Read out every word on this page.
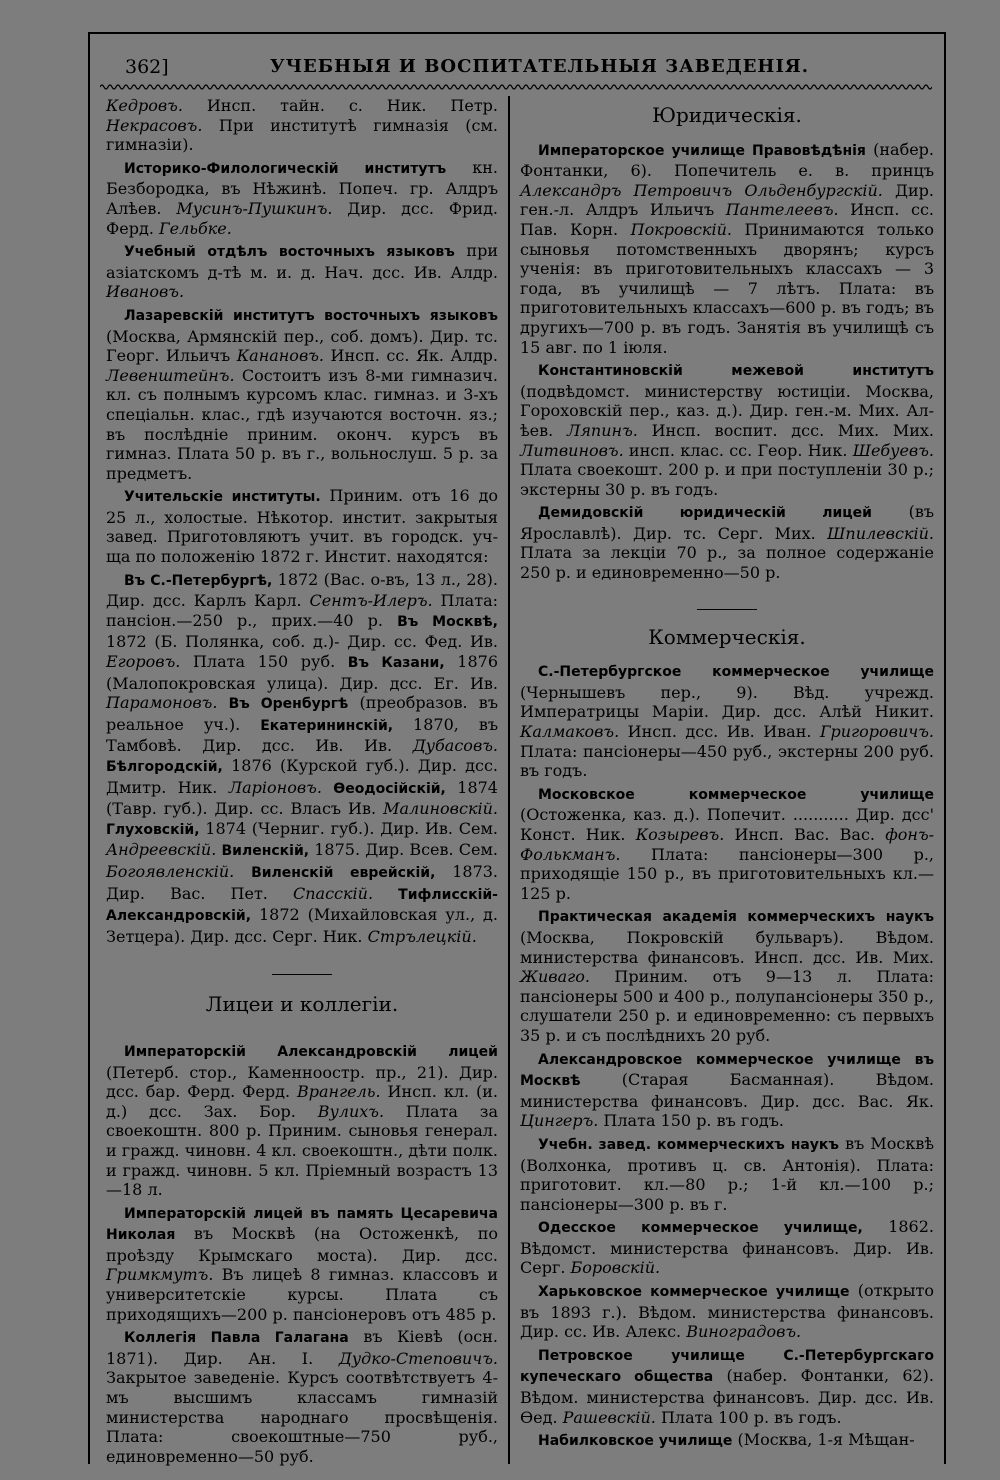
362]	УЧЕБНЫЯ И ВОСПИТАТЕЛЬНЫЯ ЗАВЕДЕНІЯ.

Кедровъ. Инсп. тайн. с. Ник. Петр. Некрасовъ. При институтѣ гимназія (см. гимназіи).

Историко-Филологическій институтъ кн. Безбородка, въ Нѣжинѣ. Попеч. гр. Алдръ Алѣев. Мусинъ-Пушкинъ. Дир. дсс. Фрид. Ферд. Гельбке.

Учебный отдѣлъ восточныхъ языковъ при азіатскомъ д-тѣ м. и. д. Нач. дсс. Ив. Алдр. Ивановъ.

Лазаревскій институтъ восточныхъ языковъ (Москва, Армянскій пер., соб. домъ). Дир. тс. Георг. Ильичъ Канановъ. Инсп. сс. Як. Алдр. Левенштейнъ. Состоитъ изъ 8-ми гимназич. кл. съ полнымъ курсомъ клас. гимназ. и 3-хъ спеціальн. клас., гдѣ изучаются восточн. яз.; въ послѣдніе приним. оконч. курсъ въ гимназ. Плата 50 р. въ г., вольнослуш. 5 р. за предметъ.

Учительскіе институты. Приним. отъ 16 до 25 л., холостые. Нѣкотор. инстит. закрытыя завед. Приготовляютъ учит. въ городск. уч-ща по положенію 1872 г. Инстит. находятся:

Въ С.-Петербургѣ, 1872 (Вас. о-въ, 13 л., 28). Дир. дсс. Карлъ Карл. Сентъ-Илеръ. Плата: пансіон.—250 р., прих.—40 р. Въ Москвѣ, 1872 (Б. Полянка, соб. д.)- Дир. сс. Фед. Ив. Егоровъ. Плата 150 руб. Въ Казани, 1876 (Малопокровская улица). Дир. дсс. Ег. Ив. Парамоновъ. Въ Оренбургѣ (преобразов. въ реальное уч.). Екатерининскій, 1870, въ Тамбовѣ. Дир. дсс. Ив. Ив. Дубасовъ. Бѣлгородскій, 1876 (Курской губ.). Дир. дсс. Дмитр. Ник. Ларіоновъ. Ѳеодосійскій, 1874 (Тавр. губ.). Дир. сс. Власъ Ив. Малиновскій. Глуховскій, 1874 (Черниг. губ.). Дир. Ив. Сем. Андреевскій. Виленскій, 1875. Дир. Всев. Сем. Богоявленскій. Виленскій еврейскій, 1873. Дир. Вас. Пет. Спасскій. Тифлисскій-Александровскій, 1872 (Михайловская ул., д. Зетцера). Дир. дсс. Серг. Ник. Стрълецкій.

Лицеи и коллегіи.

Императорскій Александровскій лицей (Петерб. стор., Каменноостр. пр., 21). Дир. дсс. бар. Ферд. Ферд. Врангель. Инсп. кл. (и. д.) дсс. Зах. Бор. Вулихъ. Плата за своекоштн. 800 р. Приним. сыновья генерал. и гражд. чиновн. 4 кл. своекоштн., дѣти полк. и гражд. чиновн. 5 кл. Пріемный возрастъ 13—18 л.

Императорскій лицей въ память Цесаревича Николая въ Москвѣ (на Остоженкѣ, по проѣзду Крымскаго моста). Дир. дсс. Гримкмутъ. Въ лицеѣ 8 гимназ. классовъ и университетскіе курсы. Плата съ приходящихъ—200 р. пансіонеровъ отъ 485 р.

Коллегія Павла Галагана въ Кіевѣ (осн. 1871). Дир. Ан. І. Дудко-Степовичъ. Закрытое заведеніе. Курсъ соотвѣтствуетъ 4-мъ высшимъ классамъ гимназій министерства народнаго просвѣщенія. Плата: своекоштные—750 руб., единовременно—50 руб.

Юридическія.

Императорское училище Правовѣдѣнія (набер. Фонтанки, 6). Попечитель е. в. принцъ Александръ Петровичъ Ольденбургскій. Дир. ген.-л. Алдръ Ильичъ Пантелеевъ. Инсп. сс. Пав. Корн. Покровскій. Принимаются только сыновья потомственныхъ дворянъ; курсъ ученія: въ приготовительныхъ классахъ — 3 года, въ училищѣ — 7 лѣтъ. Плата: въ приготовительныхъ классахъ—600 р. въ годъ; въ другихъ—700 р. въ годъ. Занятія въ училищѣ съ 15 авг. по 1 іюля.

Константиновскій межевой институтъ (подвѣдомст. министерству юстиціи. Москва, Гороховскій пер., каз. д.). Дир. ген.-м. Мих. Ал-ѣев. Ляпинъ. Инсп. воспит. дсс. Мих. Мих. Литвиновъ. инсп. клас. сс. Геор. Ник. Шебуевъ. Плата своекошт. 200 р. и при поступленіи 30 р.; экстерны 30 р. въ годъ.

Демидовскій юридическій лицей (въ Ярославлѣ). Дир. тс. Серг. Мих. Шпилевскій. Плата за лекціи 70 р., за полное содержаніе 250 р. и единовременно—50 р.

Коммерческія.

С.-Петербургское коммерческое училище (Чернышевъ пер., 9). Вѣд. учрежд. Императрицы Маріи. Дир. дсс. Алѣй Никит. Калмаковъ. Инсп. дсс. Ив. Иван. Григоровичъ. Плата: пансіонеры—450 руб., экстерны 200 руб. въ годъ.

Московское коммерческое училище (Остоженка, каз. д.). Попечит. ........... Дир. дсс' Конст. Ник. Козыревъ. Инсп. Вас. Вас. фонъ-Фолькманъ. Плата: пансіонеры—300 р., приходящіе 150 р., въ приготовительныхъ кл.—125 р.

Практическая академія коммерческихъ наукъ (Москва, Покровскій бульваръ). Вѣдом. министерства финансовъ. Инсп. дсс. Ив. Мих. Живаго. Приним. отъ 9—13 л. Плата: пансіонеры 500 и 400 р., полупансіонеры 350 р., слушатели 250 р. и единовременно: съ первыхъ 35 р. и съ послѣднихъ 20 руб.

Александровское коммерческое училище въ Москвѣ (Старая Басманная). Вѣдом. министерства финансовъ. Дир. дсс. Вас. Як. Цингеръ. Плата 150 р. въ годъ.

Учебн. завед. коммерческихъ наукъ въ Москвѣ (Волхонка, противъ ц. св. Антонія). Плата: приготовит. кл.—80 р.; 1-й кл.—100 р.; пансіонеры—300 р. въ г.

Одесское коммерческое училище, 1862. Вѣдомст. министерства финансовъ. Дир. Ив. Серг. Боровскій.

Харьковское коммерческое училище (открыто въ 1893 г.). Вѣдом. министерства финансовъ. Дир. сс. Ив. Алекс. Виноградовъ.

Петровское училище С.-Петербургскаго купеческаго общества (набер. Фонтанки, 62). Вѣдом. министерства финансовъ. Дир. дсс. Ив. Ѳед. Рашевскій. Плата 100 р. въ годъ.

Набилковское училище (Москва, 1-я Мѣщан-
